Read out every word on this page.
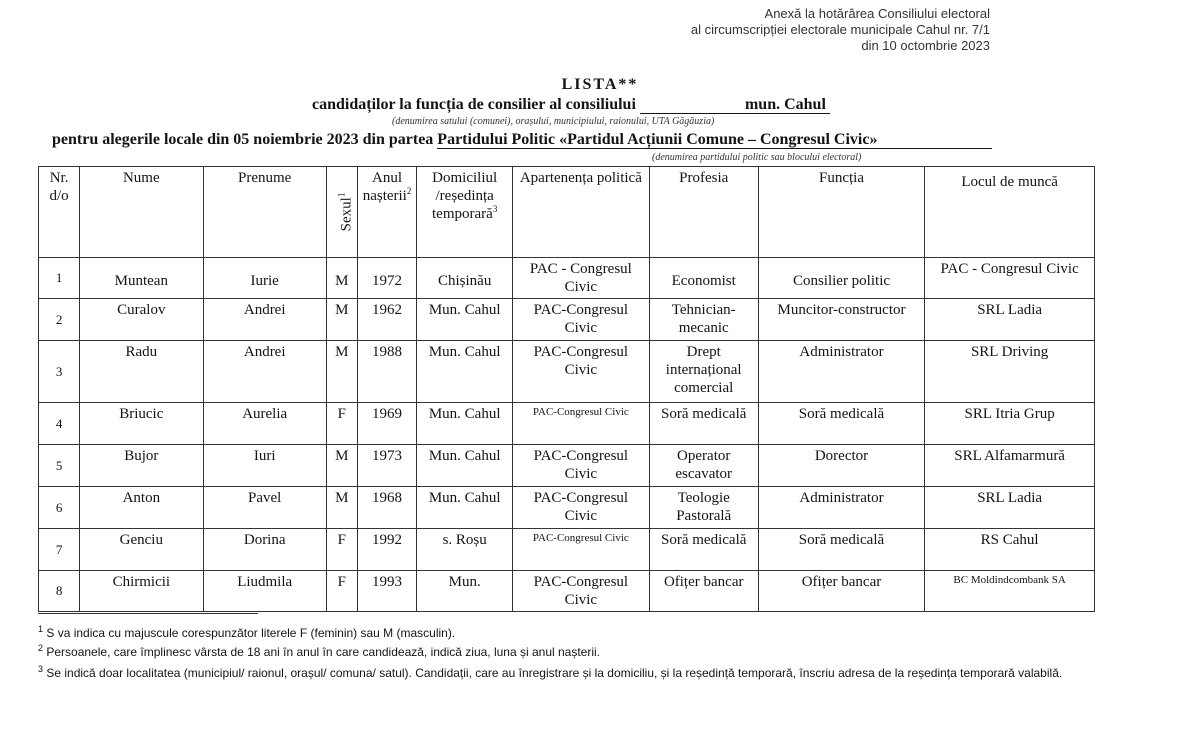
Anexă la hotărârea Consiliului electoral
al circumscripției electorale municipale Cahul nr. 7/1
din 10 octombrie 2023
LISTA**
candidaților la funcția de consilier al consiliului	mun. Cahul
(denumirea satului (comunei), orașului, municipiului, raionului, UTA Găgăuzia)
pentru alegerile locale din 05 noiembrie 2023 din partea Partidului Politic «Partidul Acțiunii Comune – Congresul Civic»
(denumirea partidului politic sau blocului electoral)
Nr. d/o	Nume	Prenume	Sexul$^1$	Anul nașterii$^2$	Domiciliul /reședința temporară$^3$	Apartenența politică	Profesia	Funcția	Locul de muncă
1	Muntean	Iurie	M	1972	Chișinău	PAC - Congresul Civic	Economist	Consilier politic	PAC - Congresul Civic
2	Curalov	Andrei	M	1962	Mun. Cahul	PAC-Congresul Civic	Tehnician-mecanic	Muncitor-constructor	SRL Ladia
3	Radu	Andrei	M	1988	Mun. Cahul	PAC-Congresul Civic	Drept internațional comercial	Administrator	SRL Driving
4	Briucic	Aurelia	F	1969	Mun. Cahul	PAC-Congresul Civic	Soră medicală	Soră medicală	SRL Itria Grup
5	Bujor	Iuri	M	1973	Mun. Cahul	PAC-Congresul Civic	Operator escavator	Dorector	SRL Alfamarmură
6	Anton	Pavel	M	1968	Mun. Cahul	PAC-Congresul Civic	Teologie Pastorală	Administrator	SRL Ladia
7	Genciu	Dorina	F	1992	s. Roșu	PAC-Congresul Civic	Soră medicală	Soră medicală	RS Cahul
8	Chirmicii	Liudmila	F	1993	Mun.	PAC-Congresul Civic	Ofițer bancar	Ofițer bancar	BC Moldindcombank SA
$^1$ S va indica cu majuscule corespunzător literele F (feminin) sau M (masculin).
$^2$ Persoanele, care împlinesc vârsta de 18 ani în anul în care candidează, indică ziua, luna și anul nașterii.
$^3$ Se indică doar localitatea (municipiul/ raionul, orașul/ comuna/ satul). Candidații, care au înregistrare și la domiciliu, și la reședință temporară, înscriu adresa de la reședința temporară valabilă.
